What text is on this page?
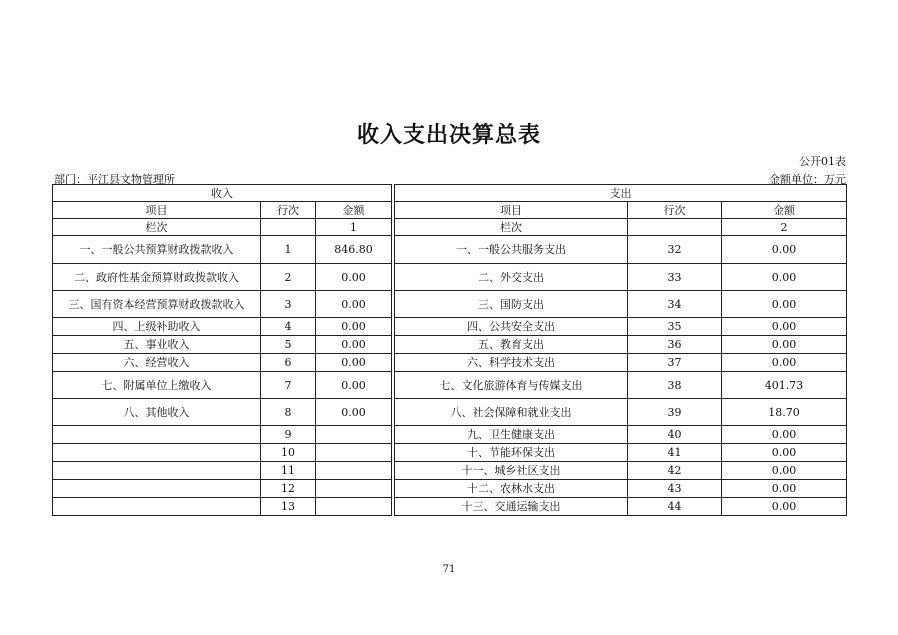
收入支出决算总表
公开01表
部门：平江县文物管理所	金额单位：万元
收入				支出		
项目	行次	金额		项目	行次	金额
栏次		1		栏次		2
一、一般公共预算财政拨款收入	1	846.80		一、一般公共服务支出	32	0.00
二、政府性基金预算财政拨款收入	2	0.00		二、外交支出	33	0.00
三、国有资本经营预算财政拨款收入	3	0.00		三、国防支出	34	0.00
四、上级补助收入	4	0.00		四、公共安全支出	35	0.00
五、事业收入	5	0.00		五、教育支出	36	0.00
六、经营收入	6	0.00		六、科学技术支出	37	0.00
七、附属单位上缴收入	7	0.00		七、文化旅游体育与传媒支出	38	401.73
八、其他收入	8	0.00		八、社会保障和就业支出	39	18.70
	9			九、卫生健康支出	40	0.00
	10			十、节能环保支出	41	0.00
	11			十一、城乡社区支出	42	0.00
	12			十二、农林水支出	43	0.00
	13			十三、交通运输支出	44	0.00
71
